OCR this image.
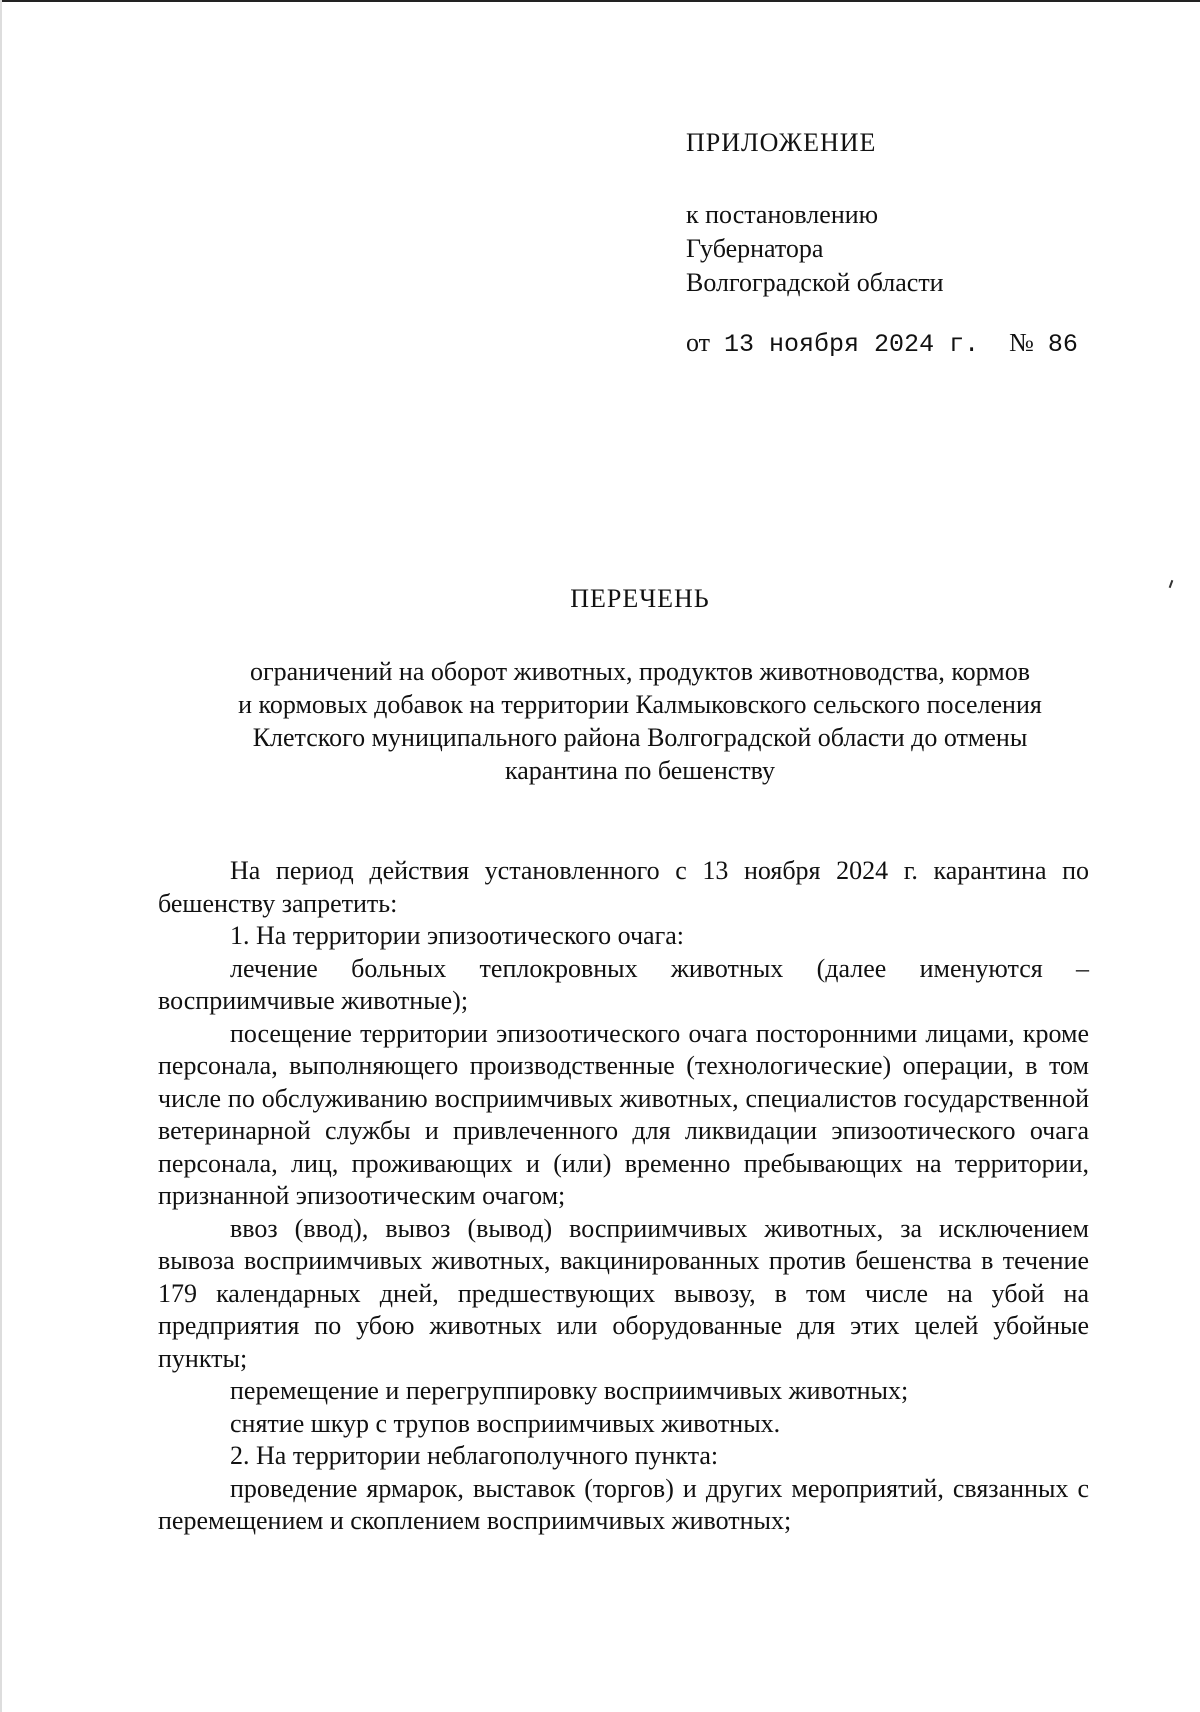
ПРИЛОЖЕНИЕ
к постановлению
Губернатора
Волгоградской области
от 13 ноября 2024 г. № 86
ПЕРЕЧЕНЬ
ограничений на оборот животных, продуктов животноводства, кормов
и кормовых добавок на территории Калмыковского сельского поселения
Клетского муниципального района Волгоградской области до отмены
карантина по бешенству

На период действия установленного с 13 ноября 2024 г. карантина по бешенству запретить:

1. На территории эпизоотического очага:

лечение больных теплокровных животных (далее именуются – восприимчивые животные);

посещение территории эпизоотического очага посторонними лицами, кроме персонала, выполняющего производственные (технологические) операции, в том числе по обслуживанию восприимчивых животных, специалистов государственной ветеринарной службы и привлеченного для ликвидации эпизоотического очага персонала, лиц, проживающих и (или) временно пребывающих на территории, признанной эпизоотическим очагом;

ввоз (ввод), вывоз (вывод) восприимчивых животных, за исключением вывоза восприимчивых животных, вакцинированных против бешенства в течение 179 календарных дней, предшествующих вывозу, в том числе на убой на предприятия по убою животных или оборудованные для этих целей убойные пункты;

перемещение и перегруппировку восприимчивых животных;

снятие шкур с трупов восприимчивых животных.

2. На территории неблагополучного пункта:

проведение ярмарок, выставок (торгов) и других мероприятий, связанных с перемещением и скоплением восприимчивых животных;
